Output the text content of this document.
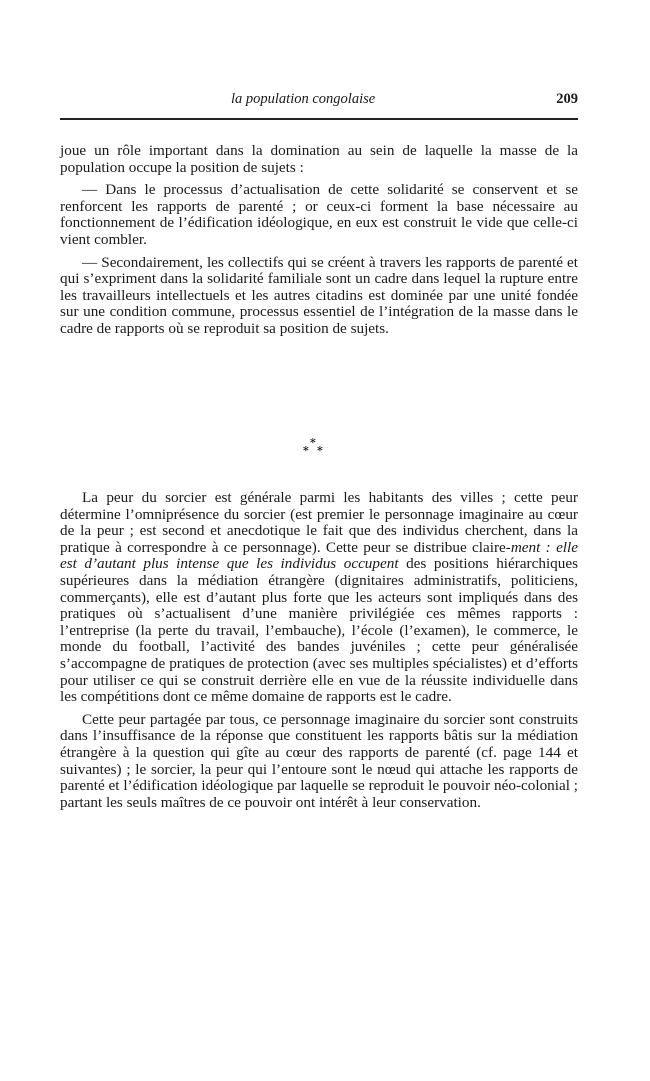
la population congolaise	209

joue un rôle important dans la domination au sein de laquelle la masse de la population occupe la position de sujets :

— Dans le processus d’actualisation de cette solidarité se conservent et se renforcent les rapports de parenté ; or ceux-ci forment la base nécessaire au fonctionnement de l’édification idéologique, en eux est construit le vide que celle-ci vient combler.

— Secondairement, les collectifs qui se créent à travers les rapports de parenté et qui s’expriment dans la solidarité familiale sont un cadre dans lequel la rupture entre les travailleurs intellectuels et les autres citadins est dominée par une unité fondée sur une condition commune, processus essentiel de l’intégration de la masse dans le cadre de rapports où se reproduit sa position de sujets.

*
* *

La peur du sorcier est générale parmi les habitants des villes ; cette peur détermine l’omniprésence du sorcier (est premier le personnage imaginaire au cœur de la peur ; est second et anecdotique le fait que des individus cherchent, dans la pratique à correspondre à ce personnage). Cette peur se distribue claire-ment : elle est d’autant plus intense que les individus occupent des positions hiérarchiques supérieures dans la médiation étrangère (dignitaires administratifs, politiciens, commerçants), elle est d’autant plus forte que les acteurs sont impliqués dans des pratiques où s’actualisent d’une manière privilégiée ces mêmes rapports : l’entreprise (la perte du travail, l’embauche), l’école (l’examen), le commerce, le monde du football, l’activité des bandes juvéniles ; cette peur généralisée s’accompagne de pratiques de protection (avec ses multiples spécialistes) et d’efforts pour utiliser ce qui se construit derrière elle en vue de la réussite individuelle dans les compétitions dont ce même domaine de rapports est le cadre.

Cette peur partagée par tous, ce personnage imaginaire du sorcier sont construits dans l’insuffisance de la réponse que constituent les rapports bâtis sur la médiation étrangère à la question qui gîte au cœur des rapports de parenté (cf. page 144 et suivantes) ; le sorcier, la peur qui l’entoure sont le nœud qui attache les rapports de parenté et l’édification idéologique par laquelle se reproduit le pouvoir néo-colonial ; partant les seuls maîtres de ce pouvoir ont intérêt à leur conservation.
